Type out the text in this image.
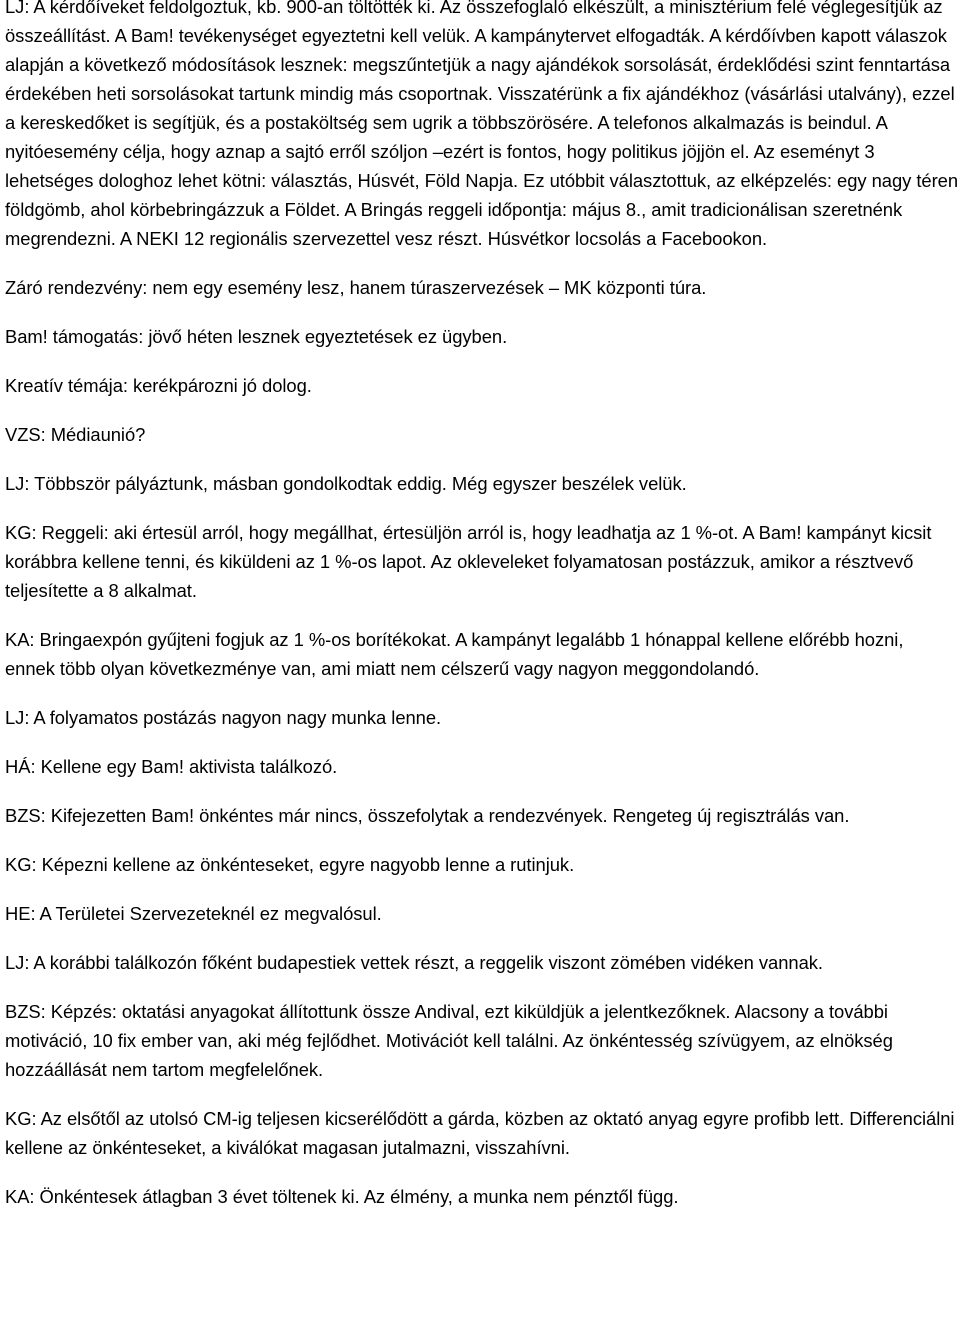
LJ: A kérdőíveket feldolgoztuk, kb. 900-an töltötték ki. Az összefoglaló elkészült, a minisztérium felé véglegesítjük az összeállítást. A Bam! tevékenységet egyeztetni kell velük. A kampánytervet elfogadták. A kérdőívben kapott válaszok alapján a következő módosítások lesznek: megszűntetjük a nagy ajándékok sorsolását, érdeklődési szint fenntartása érdekében heti sorsolásokat tartunk mindig más csoportnak. Visszatérünk a fix ajándékhoz (vásárlási utalvány), ezzel a kereskedőket is segítjük, és a postaköltség sem ugrik a többszörösére. A telefonos alkalmazás is beindul. A nyitóesemény célja, hogy aznap a sajtó erről szóljon –ezért is fontos, hogy politikus jöjjön el. Az eseményt 3 lehetséges dologhoz lehet kötni: választás, Húsvét, Föld Napja. Ez utóbbit választottuk, az elképzelés: egy nagy téren földgömb, ahol körbebringázzuk a Földet. A Bringás reggeli időpontja: május 8., amit tradicionálisan szeretnénk megrendezni. A NEKI 12 regionális szervezettel vesz részt. Húsvétkor locsolás a Facebookon.

Záró rendezvény: nem egy esemény lesz, hanem túraszervezések – MK központi túra.

Bam! támogatás: jövő héten lesznek egyeztetések ez ügyben.

Kreatív témája: kerékpározni jó dolog.

VZS: Médiaunió?

LJ: Többször pályáztunk, másban gondolkodtak eddig. Még egyszer beszélek velük.

KG: Reggeli: aki értesül arról, hogy megállhat, értesüljön arról is, hogy leadhatja az 1 %-ot. A Bam! kampányt kicsit korábbra kellene tenni, és kiküldeni az 1 %-os lapot. Az okleveleket folyamatosan postázzuk, amikor a résztvevő teljesítette a 8 alkalmat.

KA: Bringaexpón gyűjteni fogjuk az 1 %-os borítékokat. A kampányt legalább 1 hónappal kellene előrébb hozni, ennek több olyan következménye van, ami miatt nem célszerű vagy nagyon meggondolandó.

LJ: A folyamatos postázás nagyon nagy munka lenne.

HÁ: Kellene egy Bam! aktivista találkozó.

BZS: Kifejezetten Bam! önkéntes már nincs, összefolytak a rendezvények. Rengeteg új regisztrálás van.

KG: Képezni kellene az önkénteseket, egyre nagyobb lenne a rutinjuk.

HE: A Területei Szervezeteknél ez megvalósul.

LJ: A korábbi találkozón főként budapestiek vettek részt, a reggelik viszont zömében vidéken vannak.

BZS: Képzés: oktatási anyagokat állítottunk össze Andival, ezt kiküldjük a jelentkezőknek. Alacsony a további motiváció, 10 fix ember van, aki még fejlődhet. Motivációt kell találni. Az önkéntesség szívügyem, az elnökség hozzáállását nem tartom megfelelőnek.

KG: Az elsőtől az utolsó CM-ig teljesen kicserélődött a gárda, közben az oktató anyag egyre profibb lett. Differenciálni kellene az önkénteseket, a kiválókat magasan jutalmazni, visszahívni.

KA: Önkéntesek átlagban 3 évet töltenek ki. Az élmény, a munka nem pénztől függ.
